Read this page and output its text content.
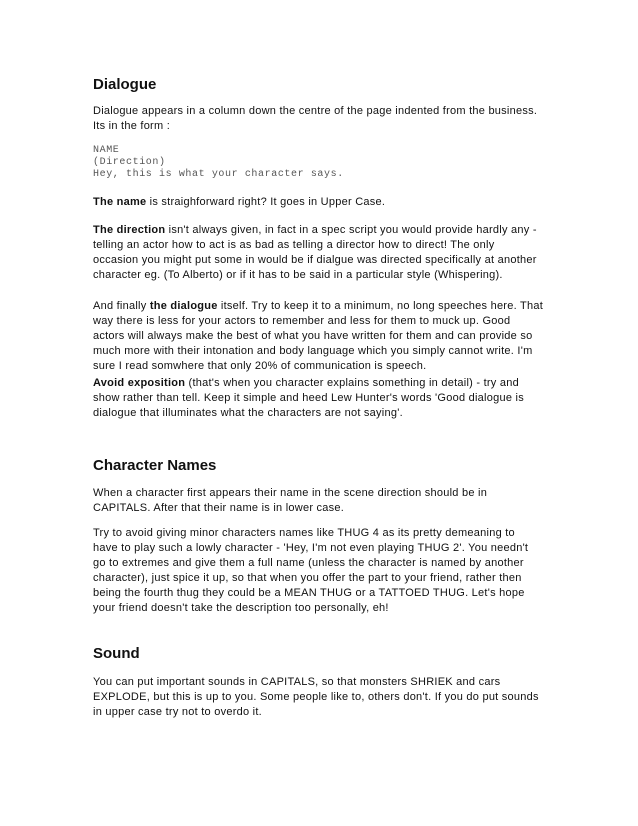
Dialogue

Dialogue appears in a column down the centre of the page indented from the business. Its in the form :

NAME
(Direction)
Hey, this is what your character says.

The name is straighforward right? It goes in Upper Case.

The direction isn't always given, in fact in a spec script you would provide hardly any - telling an actor how to act is as bad as telling a director how to direct! The only occasion you might put some in would be if dialgue was directed specifically at another character eg. (To Alberto) or if it has to be said in a particular style (Whispering).

And finally the dialogue itself. Try to keep it to a minimum, no long speeches here. That way there is less for your actors to remember and less for them to muck up. Good actors will always make the best of what you have written for them and can provide so much more with their intonation and body language which you simply cannot write. I'm sure I read somwhere that only 20% of communication is speech.

Avoid exposition (that's when you character explains something in detail) - try and show rather than tell. Keep it simple and heed Lew Hunter's words 'Good dialogue is dialogue that illuminates what the characters are not saying'.

Character Names

When a character first appears their name in the scene direction should be in CAPITALS. After that their name is in lower case.

Try to avoid giving minor characters names like THUG 4 as its pretty demeaning to have to play such a lowly character - 'Hey, I'm not even playing THUG 2'. You needn't go to extremes and give them a full name (unless the character is named by another character), just spice it up, so that when you offer the part to your friend, rather then being the fourth thug they could be a MEAN THUG or a TATTOED THUG. Let's hope your friend doesn't take the description too personally, eh!

Sound

You can put important sounds in CAPITALS, so that monsters SHRIEK and cars EXPLODE, but this is up to you. Some people like to, others don't. If you do put sounds in upper case try not to overdo it.
